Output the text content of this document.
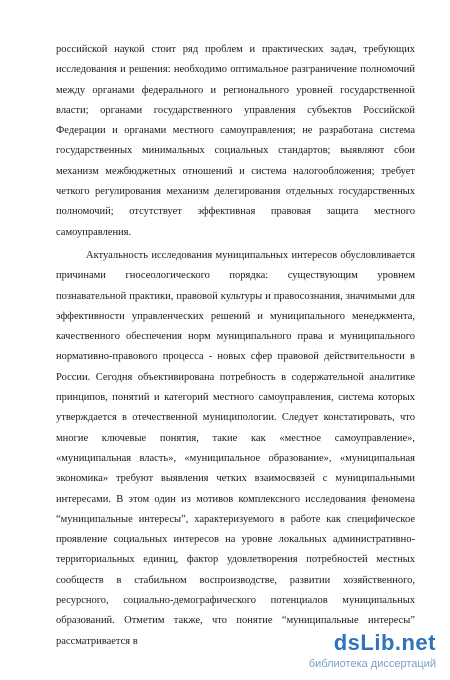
российской наукой стоит ряд проблем и практических задач, требующих исследования и решения: необходимо оптимальное разграничение полномочий между органами федерального и регионального уровней государственной власти; органами государственного управления субъектов Российской Федерации и органами местного самоуправления; не разработана система государственных минимальных социальных стандартов; выявляют сбои механизм межбюджетных отношений и система налогообложения; требует четкого регулирования механизм делегирования отдельных государственных полномочий; отсутствует эффективная правовая защита местного самоуправления.

Актуальность исследования муниципальных интересов обусловливается причинами гносеологического порядка: существующим уровнем познавательной практики, правовой культуры и правосознания, значимыми для эффективности управленческих решений и муниципального менеджмента, качественного обеспечения норм муниципального права и муниципального нормативно-правового процесса - новых сфер правовой действительности в России. Сегодня объективирована потребность в содержательной аналитике принципов, понятий и категорий местного самоуправления, система которых утверждается в отечественной муниципологии. Следует констатировать, что многие ключевые понятия, такие как «местное самоуправление», «муниципальная власть», «муниципальное образование», «муниципальная экономика» требуют выявления четких взаимосвязей с муниципальными интересами. В этом один из мотивов комплексного исследования феномена “муниципальные интересы”, характеризуемого в работе как специфическое проявление социальных интересов на уровне локальных административно-территориальных единиц, фактор удовлетворения потребностей местных сообществ в стабильном воспроизводстве, развитии хозяйственного, ресурсного, социально-демографического потенциалов муниципальных образований. Отметим также, что понятие “муниципальные интересы” рассматривается в	dsLib.net
библиотека диссертаций
